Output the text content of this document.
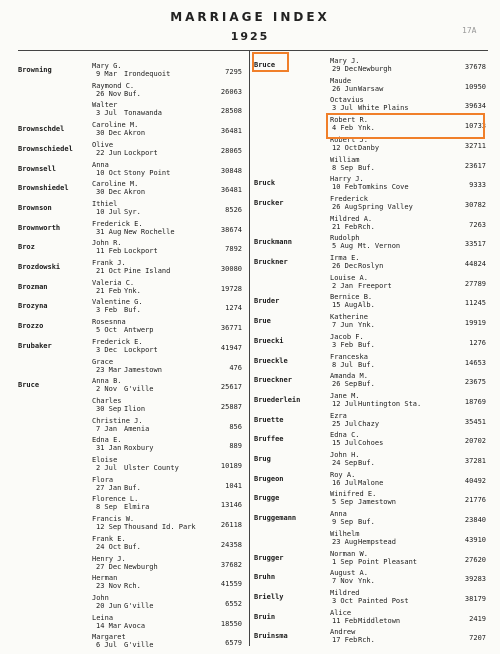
MARRIAGE INDEX
1925	17A
Browning	Mary G.
9 Mar Irondequoit	7295
Raymond C.
26 Nov Buf.	26063
Walter
3 Jul Tonawanda	28508
Brownschdel	Caroline M.
30 Dec Akron	36481
Brownschiedel	Olive
22 Jun Lockport	28065
Brownsell	Anna
10 Oct Stony Point	30848
Brownshiedel	Caroline M.
30 Dec Akron	36481
Brownson	Ithiel
10 Jul Syr.	8526
Brownworth	Frederick E.
31 Aug New Rochelle	38674
Broz	John R.
11 Feb Lockport	7892
Brozdowski	Frank J.
21 Oct Pine Island	30080
Brozman	Valeria C.
21 Feb Ynk.	19728
Brozyna	Valentine G.
3 Feb Buf.	1274
Brozzo	Rosesnna
5 Oct Antwerp	36771
Brubaker	Frederick E.
3 Dec Lockport	41947
Grace
23 Mar Jamestown	476
Bruce	Anna B.
2 Nov G'ville	25617
Charles
30 Sep Ilion	25887
Christine J.
7 Jan Amenia	856
Edna E.
31 Jan Roxbury	889
Eloise
2 Jul Ulster County	10189
Flora
27 Jan Buf.	1041
Florence L.
8 Sep Elmira	13146
Francis W.
12 Sep Thousand Id. Park	26118
Frank E.
24 Oct Buf.	24358
Henry J.
27 Dec Newburgh	37682
Herman
23 Nov Rch.	41559
John
20 Jun G'ville	6552
Leina
14 Mar Avoca	18550
Margaret
6 Jul G'ville	6579
Bruce	Mary J.
29 Dec Newburgh	37678
Maude
26 Jun Warsaw	10950
Octavius
3 Jul White Plains	39634
Robert R.
4 Feb Ynk.	10733
Robert J.
12 Oct Danby	32711
William
8 Sep Buf.	23617
Bruck	Harry J.
10 Feb Tomkins Cove	9333
Brucker	Frederick
26 Aug Spring Valley	30782
Mildred A.
21 Feb Rch.	7263
Bruckmann	Rudolph
5 Aug Mt. Vernon	33517
Bruckner	Irma E.
26 Dec Roslyn	44824
Louise A.
2 Jan Freeport	27789
Bruder	Bernice B.
15 Aug Alb.	11245
Brue	Katherine
7 Jun Ynk.	19919
Bruecki	Jacob F.
3 Feb Buf.	1276
Brueckle	Franceska
8 Jul Buf.	14653
Brueckner	Amanda M.
26 Sep Buf.	23675
Bruederlein	Jane M.
12 Jul Huntington Sta.	18769
Bruette	Ezra
25 Jul Chazy	35451
Bruffee	Edna C.
15 Jul Cohoes	20702
Brug	John H.
24 Sep Buf.	37281
Brugeon	Roy A.
16 Jul Malone	40492
Brugge	Winifred E.
5 Sep Jamestown	21776
Bruggemann	Anna
9 Sep Buf.	23840
Wilhelm
23 Aug Hempstead	43910
Brugger	Norman W.
1 Sep Point Pleasant	27620
Bruhn	August A.
7 Nov Ynk.	39283
Brielly	Mildred
3 Oct Painted Post	38179
Bruin	Alice
11 Feb Middletown	2419
Bruinsma	Andrew
17 Feb Rch.	7207
